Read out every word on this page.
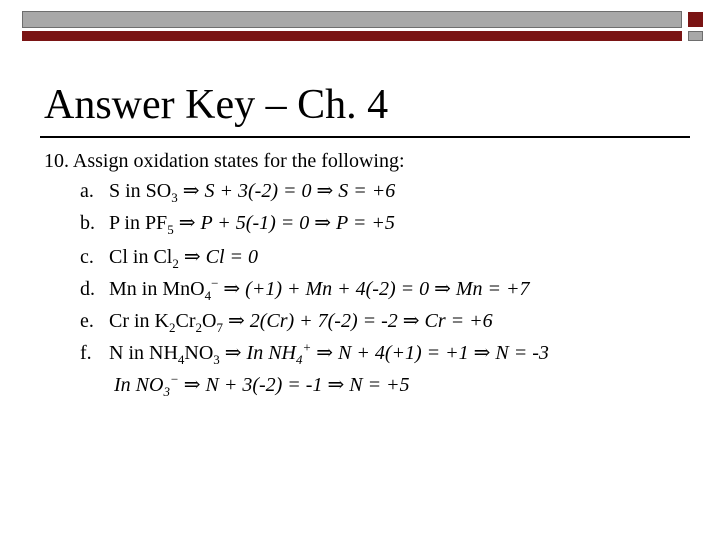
Answer Key – Ch. 4
10. Assign oxidation states for the following:
a. S in $SO_3$ ⇒ S + 3(-2) = 0 ⇒ S = +6
b. P in $PF_5$ ⇒ P + 5(-1) = 0 ⇒ P = +5
c. Cl in $Cl_2$ ⇒ Cl = 0
d. Mn in MnO$_4$− ⇒ (+1) + Mn + 4(-2) = 0 ⇒ Mn = +7
e. Cr in $K_2Cr_2O_7$ ⇒ 2(Cr) + 7(-2) = -2 ⇒ Cr = +6
f. N in $NH_4NO_3$ ⇒ In $NH_4^+$ ⇒ N + 4(+1) = +1 ⇒ N = -3
In $NO_3^-$ ⇒ N + 3(-2) = -1 ⇒ N = +5
